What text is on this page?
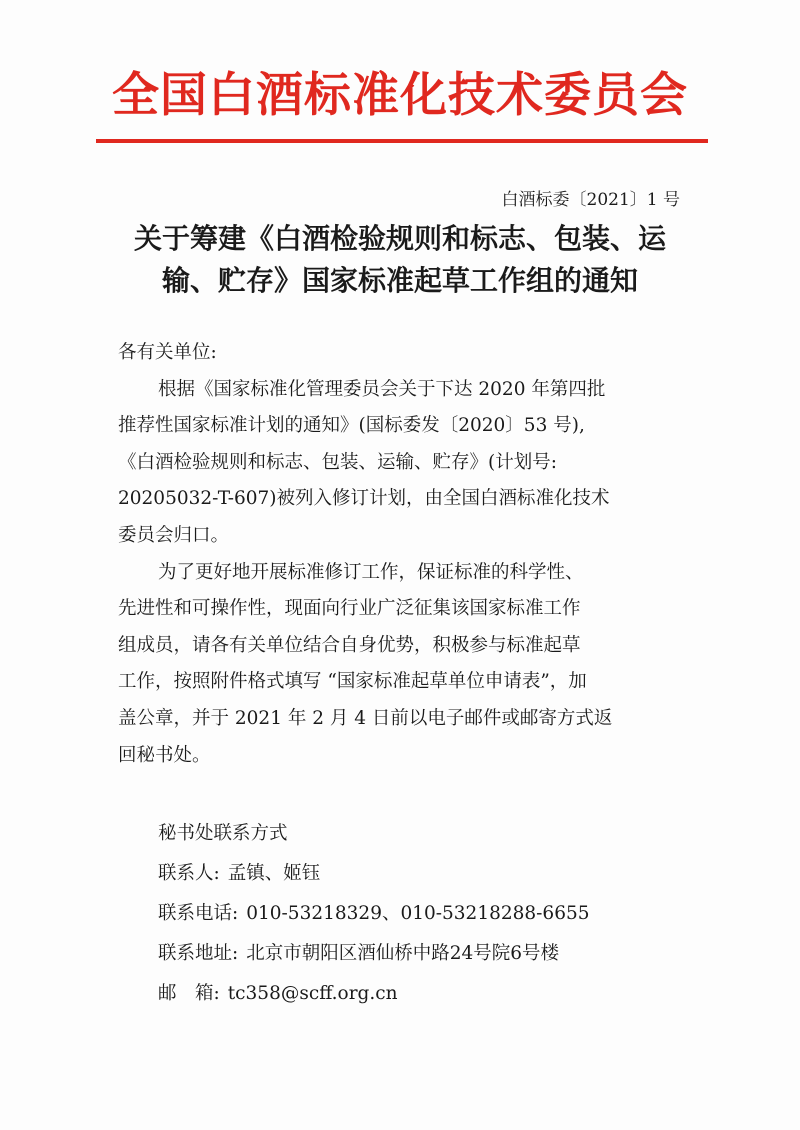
全国白酒标准化技术委员会
白酒标委〔2021〕1 号
关于筹建《白酒检验规则和标志、包装、运
输、贮存》国家标准起草工作组的通知

各有关单位:

根据《国家标准化管理委员会关于下达 2020 年第四批

推荐性国家标准计划的通知》(国标委发〔2020〕53 号),

《白酒检验规则和标志、包装、运输、贮存》(计划号:

20205032-T-607)被列入修订计划，由全国白酒标准化技术

委员会归口。

为了更好地开展标准修订工作，保证标准的科学性、

先进性和可操作性，现面向行业广泛征集该国家标准工作

组成员，请各有关单位结合自身优势，积极参与标准起草

工作，按照附件格式填写 “国家标准起草单位申请表”，加

盖公章，并于 2021 年 2 月 4 日前以电子邮件或邮寄方式返

回秘书处。

秘书处联系方式
联系人: 孟镇、姬钰
联系电话: 010-53218329、010-53218288-6655
联系地址: 北京市朝阳区酒仙桥中路24号院6号楼
邮　箱: tc358@scff.org.cn
